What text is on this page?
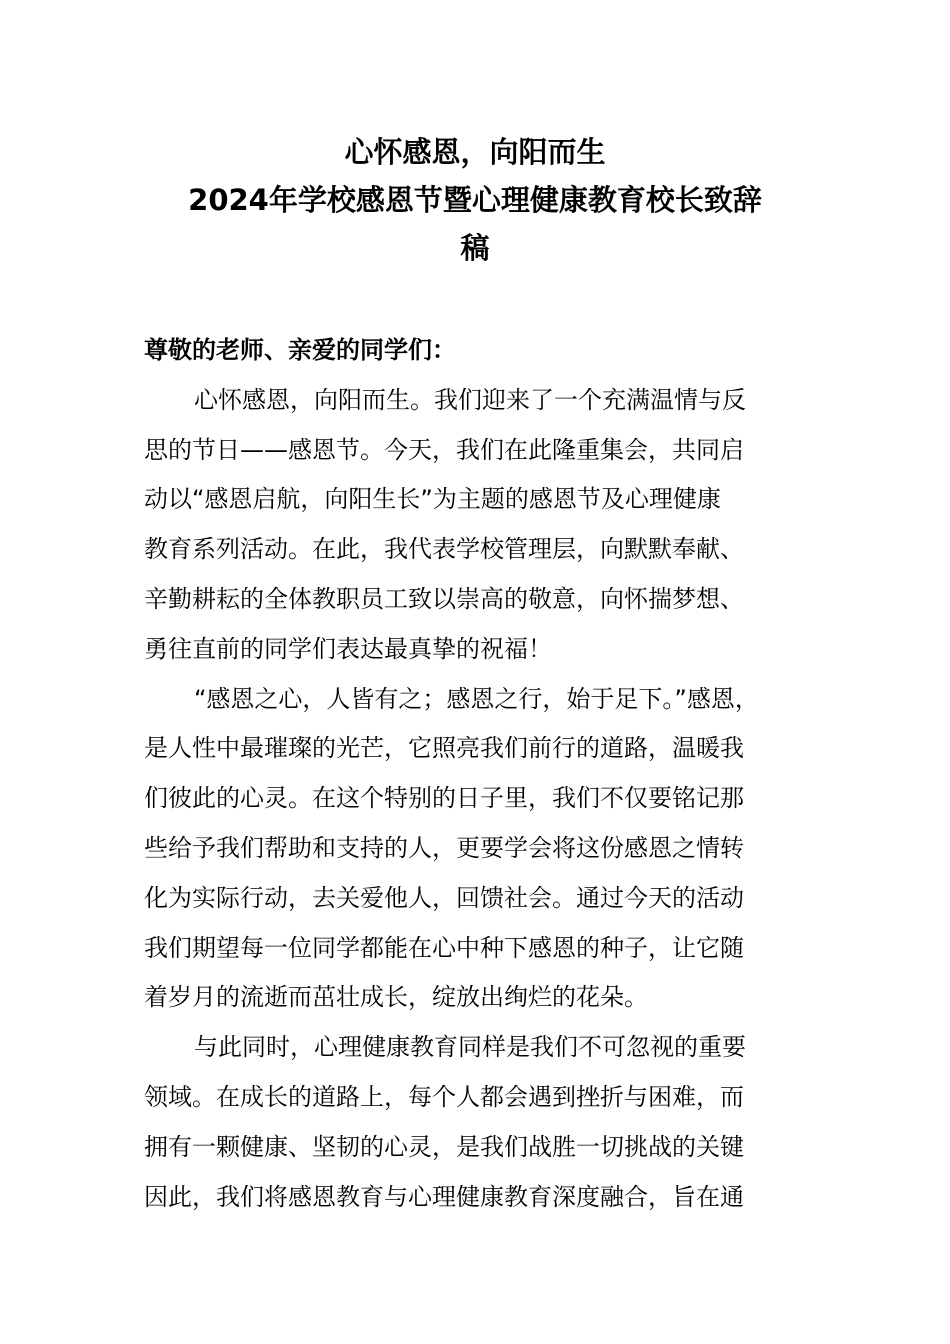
心怀感恩，向阳而生
2024年学校感恩节暨心理健康教育校长致辞
稿
尊敬的老师、亲爱的同学们：
心怀感恩，向阳而生。我们迎来了一个充满温情与反
思的节日——感恩节。今天，我们在此隆重集会，共同启
动以“感恩启航，向阳生长”为主题的感恩节及心理健康
教育系列活动。在此，我代表学校管理层，向默默奉献、
辛勤耕耘的全体教职员工致以崇高的敬意，向怀揣梦想、
勇往直前的同学们表达最真挚的祝福！
“感恩之心，人皆有之；感恩之行，始于足下。”感恩，
是人性中最璀璨的光芒，它照亮我们前行的道路，温暖我
们彼此的心灵。在这个特别的日子里，我们不仅要铭记那
些给予我们帮助和支持的人，更要学会将这份感恩之情转
化为实际行动，去关爱他人，回馈社会。通过今天的活动
我们期望每一位同学都能在心中种下感恩的种子，让它随
着岁月的流逝而茁壮成长，绽放出绚烂的花朵。
与此同时，心理健康教育同样是我们不可忽视的重要
领域。在成长的道路上，每个人都会遇到挫折与困难，而
拥有一颗健康、坚韧的心灵，是我们战胜一切挑战的关键
因此，我们将感恩教育与心理健康教育深度融合，旨在通
